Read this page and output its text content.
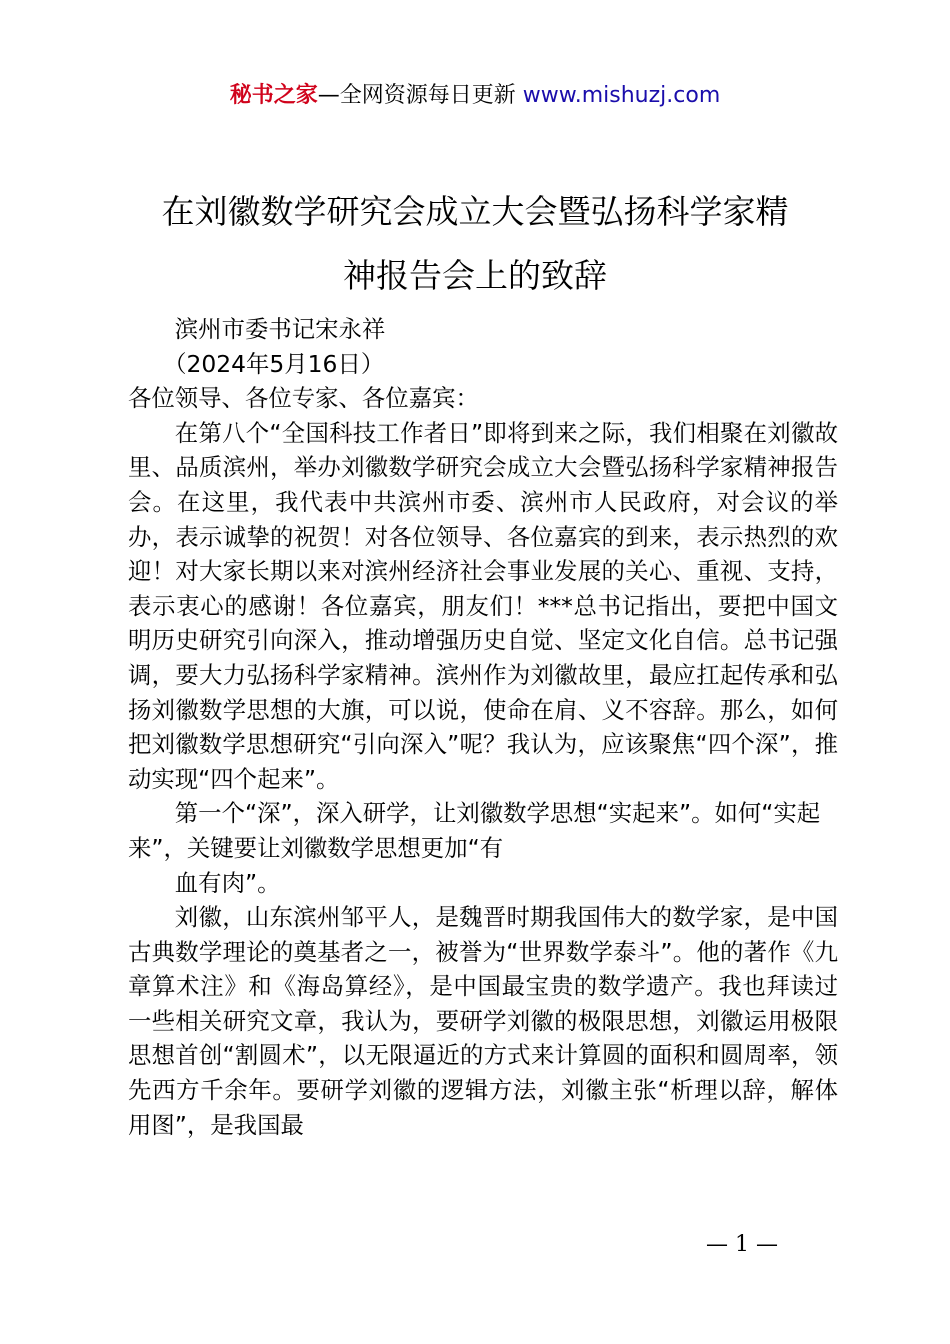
秘书之家—全网资源每日更新 www.mishuzj.com
在刘徽数学研究会成立大会暨弘扬科学家精
神报告会上的致辞

滨州市委书记宋永祥

（2024年5月16日）

各位领导、各位专家、各位嘉宾：

在第八个“全国科技工作者日”即将到来之际，我们相聚在刘徽故里、品质滨州，举办刘徽数学研究会成立大会暨弘扬科学家精神报告会。在这里，我代表中共滨州市委、滨州市人民政府，对会议的举办，表示诚挚的祝贺！对各位领导、各位嘉宾的到来，表示热烈的欢迎！对大家长期以来对滨州经济社会事业发展的关心、重视、支持，表示衷心的感谢！各位嘉宾，朋友们！***总书记指出，要把中国文明历史研究引向深入，推动增强历史自觉、坚定文化自信。总书记强调，要大力弘扬科学家精神。滨州作为刘徽故里，最应扛起传承和弘扬刘徽数学思想的大旗，可以说，使命在肩、义不容辞。那么，如何把刘徽数学思想研究“引向深入”呢？我认为，应该聚焦“四个深”，推动实现“四个起来”。

第一个“深”，深入研学，让刘徽数学思想“实起来”。如何“实起来”，关键要让刘徽数学思想更加“有

血有肉”。

刘徽，山东滨州邹平人，是魏晋时期我国伟大的数学家，是中国古典数学理论的奠基者之一，被誉为“世界数学泰斗”。他的著作《九章算术注》和《海岛算经》，是中国最宝贵的数学遗产。我也拜读过一些相关研究文章，我认为，要研学刘徽的极限思想，刘徽运用极限思想首创“割圆术”，以无限逼近的方式来计算圆的面积和圆周率，领先西方千余年。要研学刘徽的逻辑方法，刘徽主张“析理以辞，解体用图”，是我国最

— 1 —
